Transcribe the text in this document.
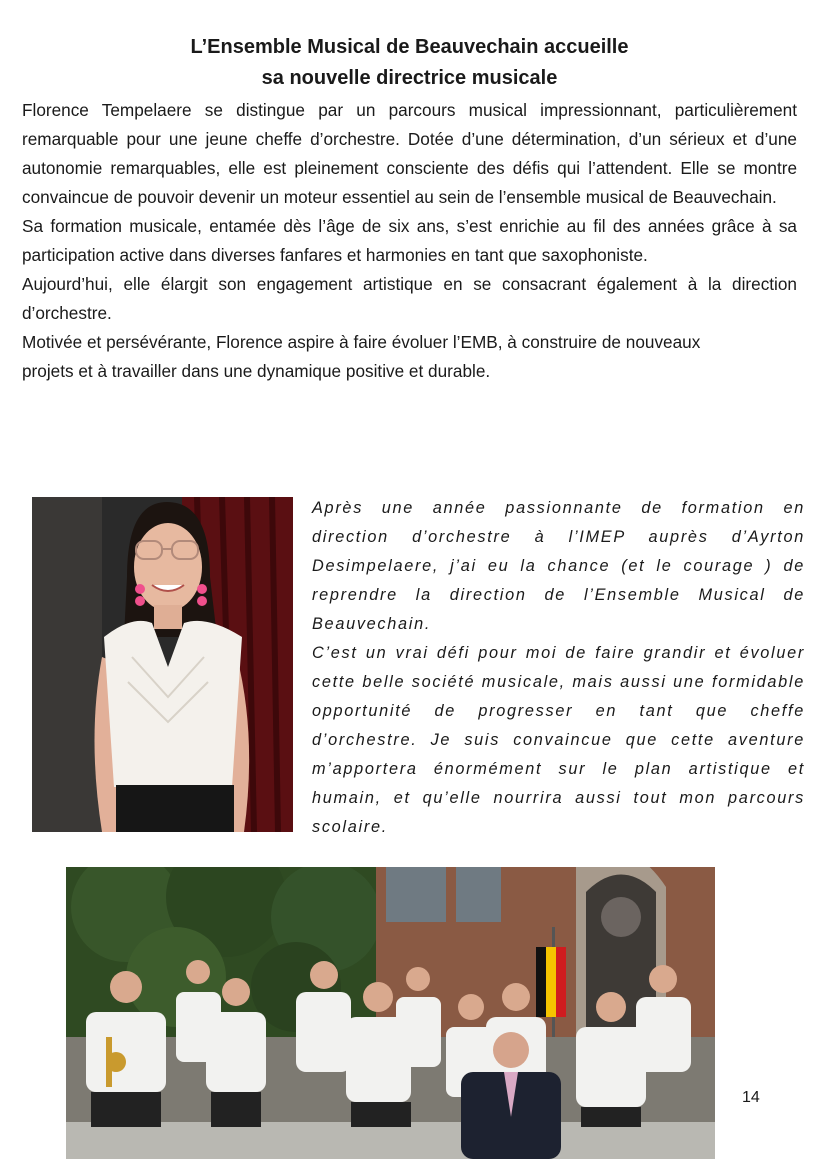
L’Ensemble Musical de Beauvechain accueille
sa nouvelle directrice musicale

Florence Tempelaere se distingue par un parcours musical impressionnant, particulièrement remarquable pour une jeune cheffe d’orchestre. Dotée d’une détermination, d’un sérieux et d’une autonomie remarquables, elle est pleinement consciente des défis qui l’attendent. Elle se montre convaincue de pouvoir devenir un moteur essentiel au sein de l’ensemble musical de Beauvechain.

Sa formation musicale, entamée dès l’âge de six ans, s’est enrichie au fil des années grâce à sa participation active dans diverses fanfares et harmonies en tant que saxophoniste.

Aujourd’hui, elle élargit son engagement artistique en se consacrant également à la direction d’orchestre.

Motivée et persévérante, Florence aspire à faire évoluer l’EMB, à construire de nouveaux

projets et à travailler dans une dynamique positive et durable.

Après une année passionnante de formation en direction d’orchestre à l’IMEP auprès d’Ayrton Desimpelaere, j’ai eu la chance (et le courage ) de reprendre la direction de l’Ensemble Musical de Beauvechain.

C’est un vrai défi pour moi de faire grandir et évoluer cette belle société musicale, mais aussi une formidable opportunité de progresser en tant que cheffe d’orchestre. Je suis convaincue que cette aventure m’apportera énormément sur le plan artistique et humain, et qu’elle nourrira aussi tout mon parcours scolaire.

14
